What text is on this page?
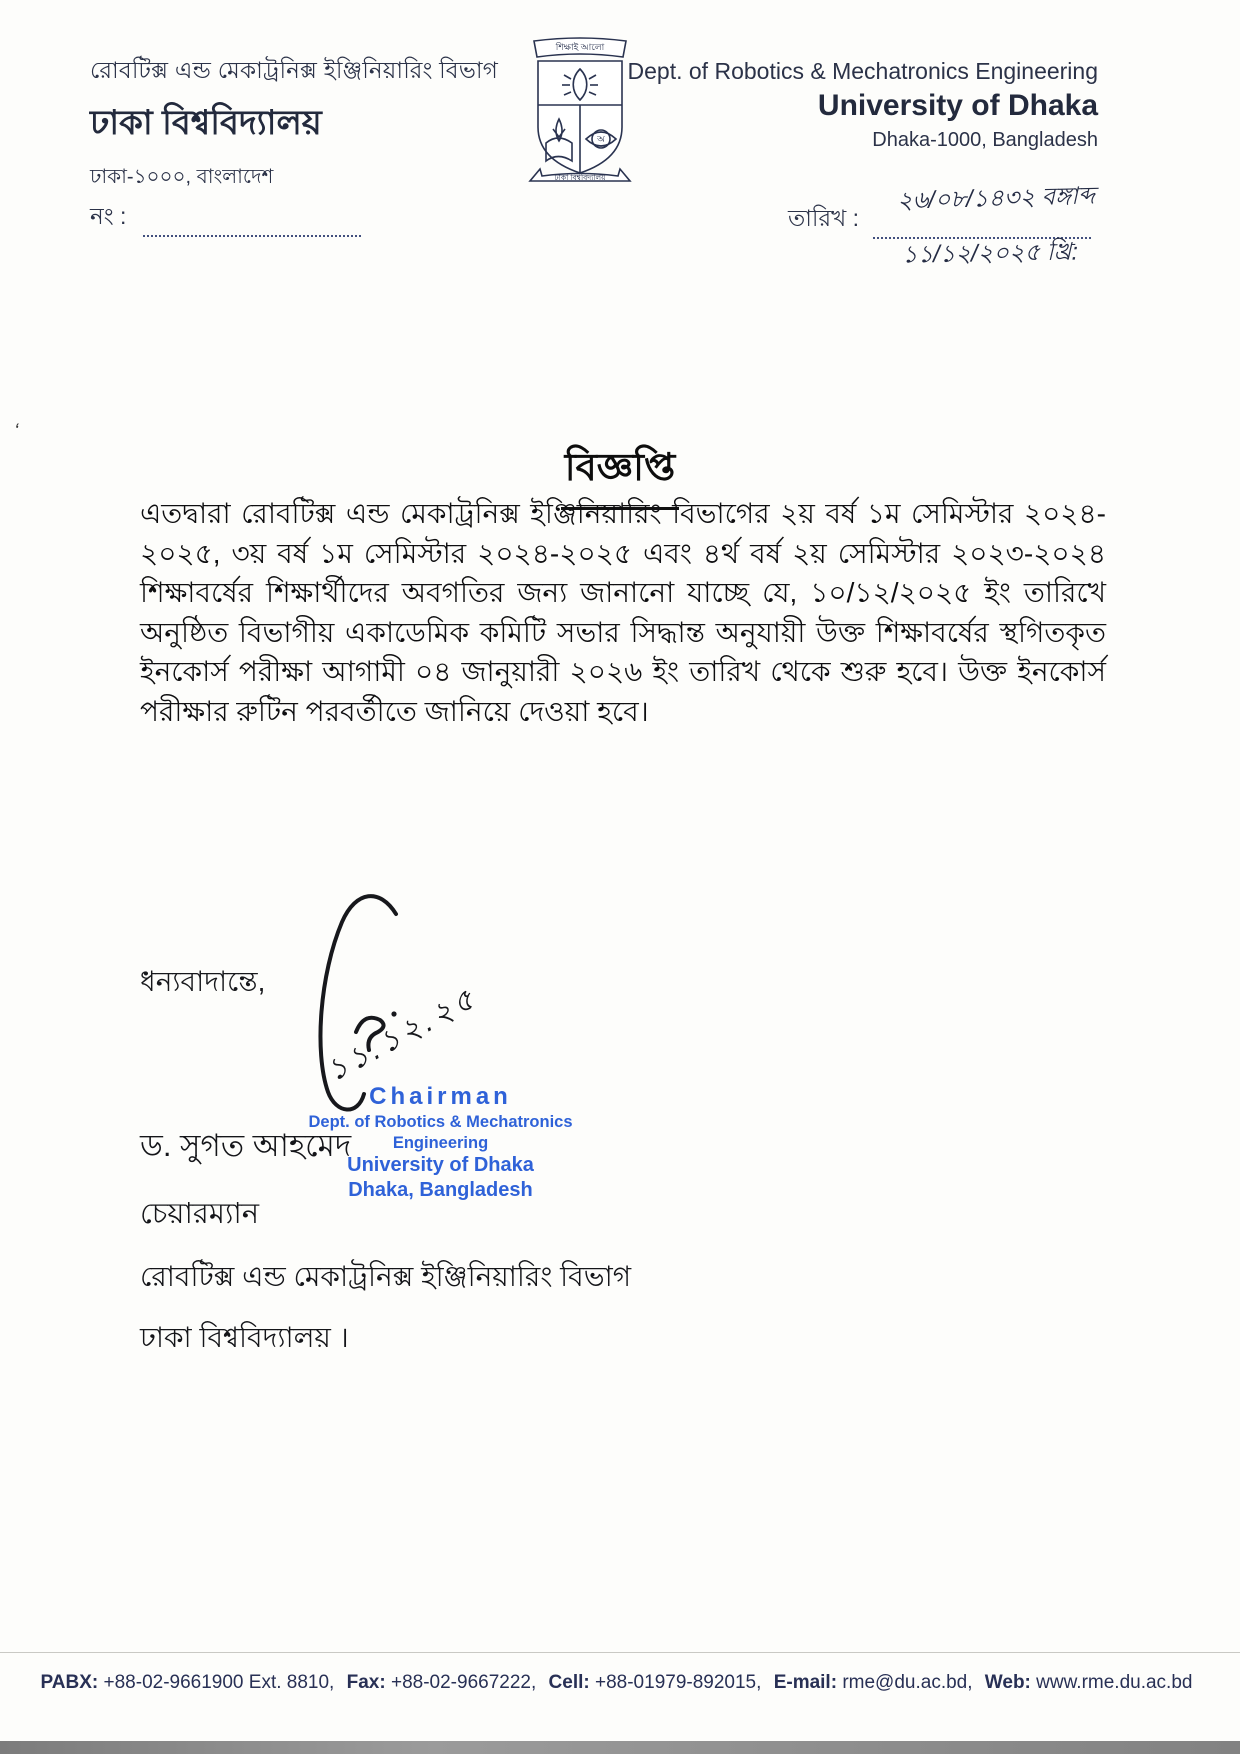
রোবটিক্স এন্ড মেকাট্রনিক্স ইঞ্জিনিয়ারিং বিভাগ
ঢাকা বিশ্ববিদ্যালয়
ঢাকা-১০০০, বাংলাদেশ
শিক্ষাই আলো
অ
ঢাকা বিশ্ববিদ্যালয়
Dept. of Robotics & Mechatronics Engineering
University of Dhaka
Dhaka-1000, Bangladesh
নং :
২৬/০৮/১৪৩২ বঙ্গাব্দ
তারিখ :
১১/১২/২০২৫ খ্রি:
‘
বিজ্ঞপ্তি
এতদ্বারা রোবটিক্স এন্ড মেকাট্রনিক্স ইঞ্জিনিয়ারিং বিভাগের ২য় বর্ষ ১ম সেমিস্টার ২০২৪-
২০২৫, ৩য় বর্ষ ১ম সেমিস্টার ২০২৪-২০২৫ এবং ৪র্থ বর্ষ ২য় সেমিস্টার ২০২৩-২০২৪
শিক্ষাবর্ষের শিক্ষার্থীদের অবগতির জন্য জানানো যাচ্ছে যে, ১০/১২/২০২৫ ইং তারিখে
অনুষ্ঠিত বিভাগীয় একাডেমিক কমিটি সভার সিদ্ধান্ত অনুযায়ী উক্ত শিক্ষাবর্ষের স্থগিতকৃত
ইনকোর্স পরীক্ষা আগামী ০৪ জানুয়ারী ২০২৬ ইং তারিখ থেকে শুরু হবে। উক্ত ইনকোর্স
পরীক্ষার রুটিন পরবর্তীতে জানিয়ে দেওয়া হবে।
ধন্যবাদান্তে, ১১.১২.২৫
Chairman
Dept. of Robotics & Mechatronics Engineering
University of Dhaka
Dhaka, Bangladesh
ড. সুগত আহমেদ
চেয়ারম্যান
রোবটিক্স এন্ড মেকাট্রনিক্স ইঞ্জিনিয়ারিং বিভাগ
ঢাকা বিশ্ববিদ্যালয় ।
PABX: +88-02-9661900 Ext. 8810, Fax: +88-02-9667222, Cell: +88-01979-892015, E-mail: rme@du.ac.bd, Web: www.rme.du.ac.bd
